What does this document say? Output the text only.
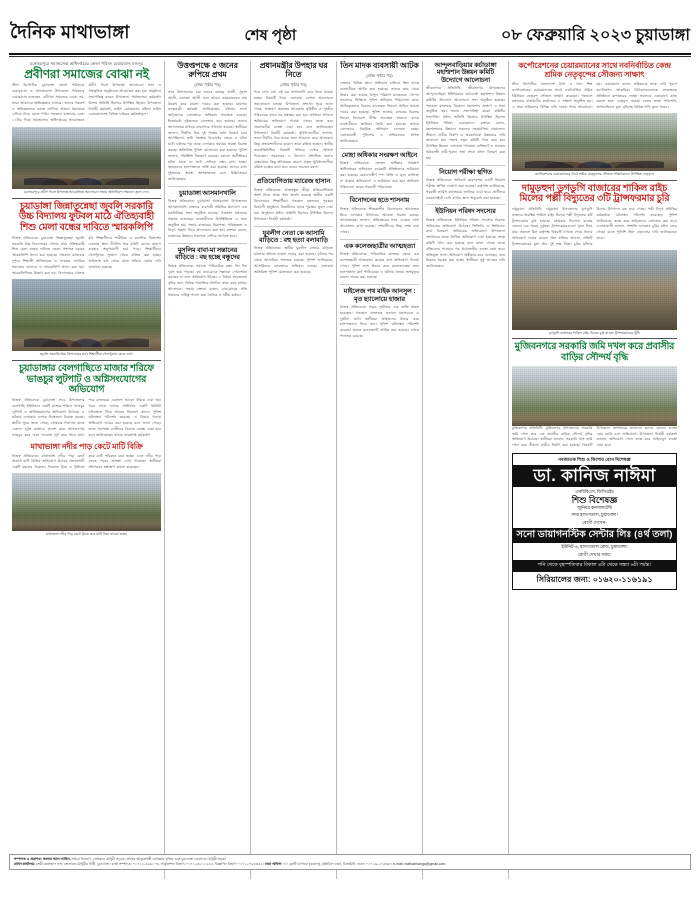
দৈনিক মাথাভাঙ্গা	শেষ পৃষ্ঠা	০৮ ফেব্রুয়ারি ২০২৩ চুয়াডাঙ্গা
মনোহরপুরে সমাজসেবা অধিদপ্তরের জেলা পরিষদ চেয়ারম্যান মজনুর
প্রবীণরা সমাজের বোঝা নই
স্টাফ রিপোর্টার: চুয়াডাঙ্গা জেলা পরিষদের চেয়ারম্যান ও আলমডাঙ্গা উপজেলা পরিষদের চেয়ারম্যান বলেছেন, প্রবীণরা সমাজের বোঝা নয়, তারা আমাদের অভিজ্ঞতার ভান্ডার। তাদের পরামর্শ ও অভিজ্ঞতাকে কাজে লাগিয়ে আমরা সমাজকে এগিয়ে নিয়ে যেতে পারি। গতকাল মঙ্গলবার বেলা ১১টার দিকে সমাজসেবা অধিদপ্তরের আয়োজনে প্রবীণ দিবস উপলক্ষে আলোচনা সভা ও সাংস্কৃতিক অনুষ্ঠানের আয়োজন করা হয়। অনুষ্ঠানে সভাপতিত্ব করেন উপজেলা সমাজসেবা কর্মকর্তা। বিশেষ অতিথি হিসেবে উপস্থিত ছিলেন উপজেলা নির্বাহী কর্মকর্তা, ভাইস চেয়ারম্যান, মহিলা ভাইস চেয়ারম্যানসহ বিভিন্ন দপ্তরের কর্মকর্তাবৃন্দ।
মনোহরপুরে প্রবীণ দিবস উপলক্ষে আয়োজিত আলোচনা সভায় অতিথিবৃন্দ সম্মাননা তুলে দেন।
চুয়াডাঙ্গা জিন্নাতুন্নেছা জুবলি সরকারি উচ্চ বিদ্যালয় ফুটবল মাঠে ঐতিহ্যবাহী শিশু মেলা বন্ধের দাবিতে স্মারকলিপি
নিজস্ব প্রতিবেদক: চুয়াডাঙ্গা জিন্নাতুন্নেছা জুবলি সরকারি উচ্চ বিদ্যালয়ের খেলার মাঠে ঐতিহ্যবাহী শিশু মেলা বন্ধের দাবিতে জেলা প্রশাসক বরাবর স্মারকলিপি প্রদান করা হয়েছে। গতকাল মঙ্গলবার দুপুরে শিক্ষার্থী অভিভাবক ও সচেতন নাগরিক সমাজের ব্যানারে এ স্মারকলিপি প্রদান করা হয়। স্মারকলিপিতে উল্লেখ করা হয়, বিদ্যালয়ের খেলার মাঠ শিক্ষার্থীদের শারীরিক ও মানসিক বিকাশের একমাত্র স্থান। দীর্ঘদিন ধরে মাঠটি মেলার কারণে ব্যবহার অনুপযোগী হয়ে পড়ে। শিক্ষার্থীদের খেলাধুলার সুযোগ থেকে বঞ্চিত করা হচ্ছে। অবিলম্বে মাঠ থেকে মেলা সরিয়ে নেয়ার দাবি জানানো হয়েছে।
জুবলি সরকারি উচ্চ বিদ্যালয়ের মাঠে শিক্ষার্থীরা খেলাধুলায় মেতে ওঠে।
চুয়াডাঙ্গার বেলগাছিতে মাজার শরিফে ভাঙচুর লুটপাট ও অগ্নিসংযোগের অভিযোগ
নিজস্ব প্রতিবেদক: চুয়াডাঙ্গা সদর উপজেলার বেলগাছি ইউনিয়নে একটি মাজার শরিফে ভাঙচুর লুটপাট ও অগ্নিসংযোগের অভিযোগ উঠেছে। এ ঘটনায় এলাকায় ব্যাপক উত্তেজনা বিরাজ করছে। স্থানীয় সূত্রে জানা গেছে, সোমবার দিবাগত রাতে একদল দুর্বৃত্ত মাজারে প্রবেশ করে আসবাবপত্র ভাঙচুর করে এবং দানবাক্স লুট করে নিয়ে যায়। পরে মাজারের একাংশে আগুন ধরিয়ে দেয়া হয়। খবর পেয়ে ফায়ার সার্ভিসের একটি ইউনিট ঘটনাস্থলে গিয়ে আগুন নিয়ন্ত্রণে আনে। পুলিশ ঘটনাস্থল পরিদর্শন করেছে। এ বিষয়ে থানায় অভিযোগ দায়ের করা হয়েছে বলে জানা গেছে। তদন্ত সাপেক্ষে দোষীদের বিরুদ্ধে ব্যবস্থা নেয়া হবে বলে জানিয়েছেন থানার ভারপ্রাপ্ত কর্মকর্তা।
মাথাভাঙ্গা নদীর পাড় কেটে মাটি বিক্রি
নিজস্ব প্রতিবেদক: মাথাভাঙ্গা নদীর পাড় কেটে অবাধে মাটি বিক্রির অভিযোগ উঠেছে প্রভাবশালী একটি মহলের বিরুদ্ধে। দিনরাত ট্রাক ও ট্রলিতে করে মাটি পরিবহন করা হচ্ছে। এতে নদীর পাড় ভেঙে পড়ার আশঙ্কা দেখা দিয়েছে। স্থানীয়রা প্রশাসনের হস্তক্ষেপ কামনা করেছেন।
মাথাভাঙ্গা নদীর পাড় কেটে ট্রাকে করে মাটি নিয়ে যাওয়া হচ্ছে।
উত্তপ্তপক্ষে ৫ জনের রুপিয়ে প্রথম
(প্রথম পৃষ্ঠার পর)
সদর উপজেলার চার জনের কাছের আলী, সুহাস আলী, ওয়াহেদ আলী এবং আরও কয়েকজনের নাম উল্লেখ করে মামলা দায়ের করা হয়েছে। মামলার তদন্তকারী কর্মকর্তা জানিয়েছেন, ঘটনার সাথে জড়িতদের গ্রেফতারে অভিযান অব্যাহত রয়েছে। ইতোমধ্যে দুইজনকে গ্রেফতার করা হয়েছে। তাদের আদালতের মাধ্যমে কারাগারে পাঠানো হয়েছে। স্থানীয়রা জানান, দীর্ঘদিন ধরে দুই পক্ষের মধ্যে বিরোধ চলে আসছিলো। জমি সংক্রান্ত বিরোধের জেরে এ ঘটনা ঘটে। ঘটনার পর থেকে এলাকায় থমথমে অবস্থা বিরাজ করছে। অতিরিক্ত পুলিশ মোতায়েন করা হয়েছে। পুলিশ জানায়, পরিস্থিতি নিয়ন্ত্রণে রয়েছে। কোনো অপ্রীতিকর ঘটনা যাতে না ঘটে সেদিকে লক্ষ্য রাখা হচ্ছে। আহতদের হাসপাতালে ভর্তি করা হয়েছে। তাদের মধ্যে দুইজনের অবস্থা আশঙ্কাজনক বলে চিকিৎসকরা জানিয়েছেন।
চুয়াডাঙ্গা আসমানখালি
নিজস্ব প্রতিবেদক: চুয়াডাঙ্গা আলমডাঙ্গা উপজেলার আসমানখালি বাজারে ব্যবসায়ী সমিতির উদ্যোগে এক মতবিনিময় সভা অনুষ্ঠিত হয়েছে। গতকাল মঙ্গলবার সন্ধ্যায় বাজারের ব্যবসায়ীদের উপস্থিতিতে এ সভা অনুষ্ঠিত হয়। সভায় বাজারের নিরাপত্তা, পরিচ্ছন্নতা ও বিদ্যুৎ সমস্যা নিয়ে আলোচনা করা হয়। বক্তারা বলেন, বাজারের উন্নয়নে সকলকে এগিয়ে আসতে হবে।
মুসলিম বাবা-মা সন্তানের বাড়িতে : বছ হচ্ছে বন্ধুদের
নিজস্ব প্রতিবেদক: সমাজে পারিবারিক বন্ধন দিন দিন দুর্বল হয়ে পড়ছে। বৃদ্ধ বাবা-মাকে সন্তানরা দেখাশোনা করছেন না বলে অভিযোগ উঠছে। এ বিষয়ে সচেতনতা বৃদ্ধির জন্য বিভিন্ন সামাজিক সংগঠন কাজ করে যাচ্ছে। আলোচনা সভায় বক্তারা বলেন, বাবা-মায়ের প্রতি সন্তানের দায়িত্ব পালন করা নৈতিক ও ধর্মীয় কর্তব্য।
প্রধানমন্ত্রীর উপহার ঘর নিতে
(প্রথম পৃষ্ঠার পর)
পরে দেখা যায় এই ঘর ভাগাভাগি করে নিয়ে যাওয়া হচ্ছে। বিষয়টি নিয়ে এলাকায় ব্যাপক আলোচনা সমালোচনা চলছে। উপজেলা প্রশাসন সূত্রে জানা গেছে, আশ্রয়ণ প্রকল্পের আওতায় ভূমিহীন ও গৃহহীন পরিবারের মাঝে ঘর হস্তান্তর করা হয়। তালিকা প্রণয়নে অনিয়মের অভিযোগ পাওয়া গেছে। তদন্ত করে প্রয়োজনীয় ব্যবস্থা নেয়া হবে বলে জানিয়েছেন উপজেলা নির্বাহী কর্মকর্তা। সুবিধাভোগীরা জানান, তারা দীর্ঘদিন ধরে ঘরের জন্য আবেদন করে আসছেন। কিন্তু প্রভাবশালীদের কারণে তারা বঞ্চিত হচ্ছেন। স্থানীয় জনপ্রতিনিধিরা বিষয়টি খতিয়ে দেখার আশ্বাস দিয়েছেন। সরকারের এ উদ্যোগ প্রশংসিত হলেও বাস্তবায়নে কিছু অনিয়মের কারণে প্রকৃত সুবিধাভোগীরা বঞ্চিত হচ্ছেন বলে মনে করেন সচেতন মহল।
প্রতিযোগিতায় ম্যারেজ হাসান
নিজস্ব প্রতিবেদক: আন্তঃস্কুল ক্রীড়া প্রতিযোগিতায় অংশ নিয়ে প্রথম স্থান অর্জন করেছে স্থানীয় একটি বিদ্যালয়ের শিক্ষার্থীরা। গতকাল মঙ্গলবার পুরস্কার বিতরণী অনুষ্ঠানে বিজয়ীদের হাতে পুরস্কার তুলে দেয়া হয়। অনুষ্ঠানে প্রধান অতিথি হিসেবে উপস্থিত ছিলেন উপজেলা নির্বাহী কর্মকর্তা।
যুবলীগ নেতা কে আসামি বাড়িতে : বহু হত্যা বলাবাড়ি
নিজস্ব প্রতিবেদক: স্থানীয় যুবলীগ নেতার বাড়িতে হামলার ঘটনায় মামলা দায়ের করা হয়েছে। ঘটনার পর থেকে আসামিরা পলাতক রয়েছে। পুলিশ জানিয়েছে, আসামিদের গ্রেফতারে অভিযান চলছে। এলাকায় অতিরিক্ত পুলিশ মোতায়েন করা হয়েছে।
তিন মাদক ব্যবসায়ী আটক
(প্রথম পৃষ্ঠার পর)
জেলার বিভিন্ন স্থানে অভিযান চালিয়ে তিন মাদক ব্যবসায়ীকে আটক করা হয়েছে। তাদের কাছ থেকে উদ্ধার করা হয়েছে বিপুল পরিমাণ মাদকদ্রব্য। গোপন সংবাদের ভিত্তিতে পুলিশ অভিযান পরিচালনা করে। আটককৃতদের বিরুদ্ধে মাদকদ্রব্য নিয়ন্ত্রণ আইনে মামলা দায়ের করা হয়েছে। পুলিশ জানায়, মাদকের বিরুদ্ধে জিরো টলারেন্স নীতি অব্যাহত থাকবে। মাদক ব্যবসায়ীদের তালিকা তৈরি করা হয়েছে। তাদের গ্রেফতারে নিয়মিত অভিযান চালানো হচ্ছে। এলাকাবাসী পুলিশের এ অভিযানকে স্বাগত জানিয়েছেন।
মোহা অধিকার সংরক্ষণ আইনে
নিজস্ব প্রতিবেদক: ভোক্তা অধিকার সংরক্ষণ অধিদপ্তরের অভিযানে কয়েকটি প্রতিষ্ঠানকে জরিমানা করা হয়েছে। মেয়াদোত্তীর্ণ পণ্য বিক্রি ও মূল্য তালিকা না থাকার অভিযোগে এ জরিমানা করা হয়। অভিযান পরিচালনা করেন সহকারী পরিচালক।
বিনোদনের হতে শাসনায়
নিজস্ব প্রতিবেদক: শীতকালীন বিনোদনের আয়োজন ঘিরে এলাকায় উৎসবের আমেজ বিরাজ করছে। আয়োজকরা জানান, প্রতিবছরের ন্যায় এবারও নানা আয়োজন রাখা হয়েছে। দর্শনার্থীদের ভিড় লক্ষ্য করা গেছে।
এক কলেজছাত্রীর আত্মহত্যা
নিজস্ব প্রতিবেদক: পারিবারিক কলহের জেরে এক কলেজছাত্রী আত্মহত্যা করেছে বলে অভিযোগ পাওয়া গেছে। পুলিশ লাশ উদ্ধার করে ময়নাতদন্তের জন্য হাসপাতাল মর্গে পাঠিয়েছে। এ ঘটনায় থানায় অপমৃত্যুর মামলা দায়ের করা হয়েছে।
মাইলেজ পথ মাইক আনসুল : মৃত ছ্যালোয়ে হাজার
নিজস্ব প্রতিবেদক: সড়ক দুর্ঘটনায় এক ব্যক্তি নিহত হয়েছেন। গতকাল মঙ্গলবার সকালে মহাসড়কে এ দুর্ঘটনা ঘটে। স্থানীয়রা আহতদের উদ্ধার করে হাসপাতালে নিয়ে যান। পুলিশ ঘটনাস্থল পরিদর্শন করেছে। ঘাতক যানবাহনটি আটক করা হয়েছে। চালক পলাতক রয়েছে।
আন্দুলবাড়িয়ার কর্চাডাঙ্গা মহাশ্মশান উন্নয়ন কমিটি উদ্যোগে আলোচনা
জীবননগর প্রতিনিধি: জীবননগর উপজেলার আন্দুলবাড়িয়া ইউনিয়নের কর্চাডাঙ্গা মহাশ্মশান উন্নয়ন কমিটির উদ্যোগে আলোচনা সভা অনুষ্ঠিত হয়েছে। গতকাল মঙ্গলবার বিকেলে মহাশ্মশান প্রাঙ্গণে এ সভা অনুষ্ঠিত হয়। সভায় সভাপতিত্ব করেন কমিটির সভাপতি। প্রধান অতিথি হিসেবে উপস্থিত ছিলেন ইউনিয়ন পরিষদ চেয়ারম্যান। বক্তারা বলেন, মহাশ্মশানের উন্নয়নে সকলের সহযোগিতা প্রয়োজন। সীমানা প্রাচীর নির্মাণ ও অবকাঠামো উন্নয়নের দাবি জানানো হয়। সভায় নতুন কমিটি গঠন করা হয়। উপস্থিত ছিলেন এলাকার গণ্যমান্য ব্যক্তিবর্গ ও সনাতন ধর্মাবলম্বী নারী-পুরুষ। সভা শেষে প্রসাদ বিতরণ করা হয়।
নিয়োগ পরীক্ষা স্থগিত
নিজস্ব প্রতিবেদক: অনিবার্য কারণবশত একটি নিয়োগ পরীক্ষা স্থগিত ঘোষণা করা হয়েছে। কর্তৃপক্ষ জানিয়েছে, পরবর্তী তারিখ যথাসময়ে জানিয়ে দেয়া হবে। প্রার্থীদের ওয়েবসাইটে চোখ রাখার জন্য অনুরোধ করা হয়েছে।
ইউনিয়ন পরিষদ সদস্যের
নিজস্ব প্রতিবেদক: ইউনিয়ন পরিষদ সদস্যের বিরুদ্ধে অনিয়মের অভিযোগ উঠেছে। ভিজিডি ও ভিজিএফ কার্ড বিতরণে অনিয়মের অভিযোগে উপজেলা প্রশাসনের কাছে লিখিত অভিযোগ দেয়া হয়েছে। তদন্ত কমিটি গঠন করা হয়েছে বলে জানা গেছে। তদন্ত প্রতিবেদন পাওয়ার পর প্রয়োজনীয় ব্যবস্থা নেয়া হবে। অভিযুক্ত সদস্য অভিযোগ অস্বীকার করে বলেছেন, তার বিরুদ্ধে ষড়যন্ত্র করা হচ্ছে। স্থানীয়রা সুষ্ঠু তদন্তের দাবি জানিয়েছেন।
কর্পোরেশনের চেয়ারম্যানের সাথে নবনির্বাচিত কেন্দ্র শ্রমিক নেতৃবৃন্দের সৌজন্য সাক্ষাৎ
স্টাফ রিপোর্টার: বাংলাদেশ চিনি ও খাদ্য শিল্প কর্পোরেশনের চেয়ারম্যানের সাথে নবনির্বাচিত শ্রমিক ইউনিয়ন নেতৃবৃন্দ সৌজন্য সাক্ষাৎ করেছেন। গতকাল মঙ্গলবার রাজধানীর কার্যালয়ে এ সাক্ষাৎ অনুষ্ঠিত হয়। এ সময় শ্রমিকদের বিভিন্ন দাবি দাওয়া নিয়ে আলোচনা হয়। চেয়ারম্যান বলেন, শ্রমিকদের ন্যায্য দাবি পূরণে কর্পোরেশন আন্তরিক। চিনিকলগুলোকে লাভজনক প্রতিষ্ঠানে রূপান্তরের লক্ষ্যে সকলকে একযোগে কাজ করতে হবে। নেতৃবৃন্দ বকেয়া বেতন ভাতা পরিশোধ, আখচাষিদের মূল্য বৃদ্ধিসহ বিভিন্ন দাবি তুলে ধরেন।
কর্পোরেশনের চেয়ারম্যানের সাথে শ্রমিক নেতৃবৃন্দের সৌজন্য সাক্ষাৎকালে উপস্থিত নেতৃবৃন্দ।
দামুড়হুদা ডুগডুগি বাজারের শাকিল রাইচ মিলের পল্লী বিদ্যুতের ৩টি ট্রান্সফরমার চুরি
দামুড়হুদা প্রতিনিধি: দামুড়হুদা উপজেলার ডুগডুগি বাজারে অবস্থিত শাকিল রাইচ মিলের পল্লী বিদ্যুতের ৩টি ট্রান্সফরমার চুরি হয়েছে। সোমবার দিবাগত রাতের কোনো এক সময়ে দুর্বৃত্তরা ট্রান্সফরমারগুলো খুলে নিয়ে যায়। সকালে মিল কর্তৃপক্ষ বিষয়টি দেখতে পেয়ে থানায় অভিযোগ দায়ের করেন। মিল মালিক জানান, প্রতিটি ট্রান্সফরমারের মূল্য প্রায় দুই লক্ষ টাকা। চুরির ঘটনায় মিলের উৎপাদন বন্ধ হয়ে গেছে। পল্লী বিদ্যুৎ সমিতির কর্মকর্তারা ঘটনাস্থল পরিদর্শন করেছেন। পুলিশ জানিয়েছে, তদন্ত করে জড়িতদের গ্রেফতার করা হবে। এলাকাবাসী জানান, সম্প্রতি এলাকায় চুরির ঘটনা বেড়ে গেছে। রাতে পুলিশি টহল বাড়ানোর দাবি জানিয়েছেন তারা।
ডুগডুগি বাজারের শাকিল রাইচ মিলের চুরি যাওয়া ট্রান্সফরমারের খুঁটি।
মুজিবনগরে সরকারি জমি দখল করে প্রবাসীর বাড়ির সৌন্দর্য বৃদ্ধি
মুজিবনগর প্রতিনিধি: মুজিবনগর উপজেলায় সরকারি জমি দখল করে এক প্রবাসীর বাড়ির সৌন্দর্য বৃদ্ধির অভিযোগ উঠেছে। স্থানীয়রা জানান, সরকারি খাস জমি দখল করে সীমানা প্রাচীর নির্মাণ করা হয়েছে। বিষয়টি উপজেলা প্রশাসনকে জানানো হলেও কোনো ব্যবস্থা নেয়া হয়নি বলে অভিযোগ। উপজেলা নির্বাহী কর্মকর্তা জানান, অভিযোগ পেলে তদন্ত করে আইনানুগ ব্যবস্থা নেয়া হবে।
নবজাতক শিশু ও কিশোর রোগ বিশেষজ্ঞ
ডা. কানিজ নাঈমা
এমবিবিএস, ডিসিএইচ
শিশু বিশেষজ্ঞ
জুনিয়র কনসালটেন্ট
সদর হাসপাতাল, চুয়াডাঙ্গা।
রোগী দেখেন-
সনো ডায়াগনস্টিক সেন্টার লিঃ (৪র্থ তলা)
ইউনিট-৬, হাসপাতাল রোড, চুয়াডাঙ্গা।
রোগী দেখার সময়:
শনি থেকে বৃহস্পতিবার বিকাল ৪টা থেকে সন্ধ্যা ৬টা পর্যন্ত।
সিরিয়ালের জন্য: ০১৬২০-১১৬১৯১
সম্পাদক ও প্রকাশক: সরদার আল আমিন, সচিবা নিবার্চণ, প্রেসক্লাব চৌধুরী সড়কে, তাহের আতুকপত্তী প্রেসক্লাব বৃত্তিক এবং চুয়াডাঙ্গা জেলাতে চৌধুরী সড়ক।
প্রধান কার্যালয়: চশমী মাতাহাল লস, জেলাতে চৌধুরীর নিথী, চুয়াডাঙ্গা। বার্তা সম্পাদক: ০১৭১১-৫৬৬১০৩, সার্কুলেশন বিভাগ-০১৭১২৪৮১১২৪৫, বিজ্ঞাপন বিভাগ ০১৭১২০৯৪৩৫৫। ঢাকা অফিস: ৭/১ ফ্লাটি বাসাবো (৪তলা), মতিঝিল ঢাকা, বিজয়িনি, ঢাকা। ০১৭২৬-২৭৫৩৬৭ e-mail: mathabhanga@gmail.com
